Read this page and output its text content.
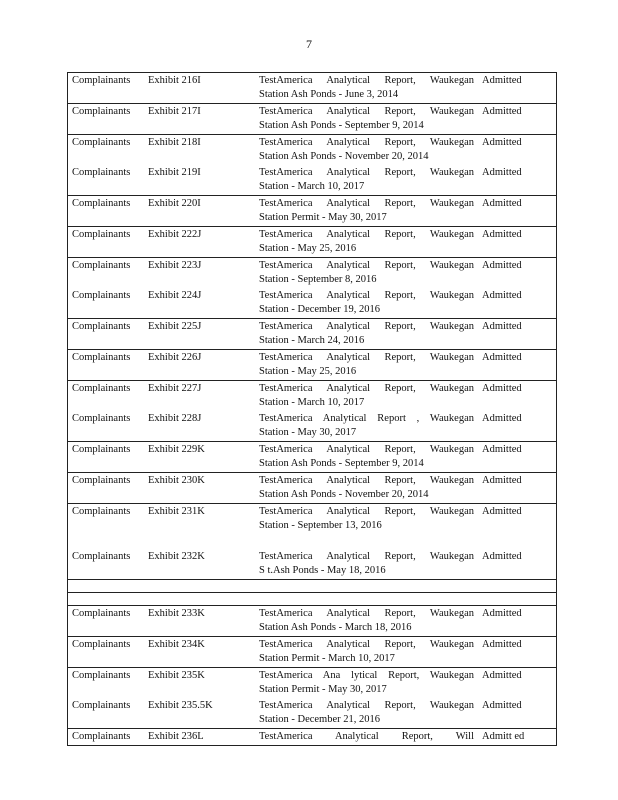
7
Complainants	Exhibit 216I	TestAmerica Analytical Report, Waukegan
Station Ash Ponds - June 3, 2014	Admitted
Complainants	Exhibit 217I	TestAmerica Analytical Report, Waukegan
Station Ash Ponds - September 9, 2014	Admitted
Complainants	Exhibit 218I	TestAmerica Analytical Report, Waukegan
Station Ash Ponds - November 20, 2014	Admitted
Complainants	Exhibit 219I	TestAmerica Analytical Report, Waukegan
Station - March 10, 2017	Admitted
Complainants	Exhibit 220I	TestAmerica Analytical Report, Waukegan
Station Permit - May 30, 2017	Admitted
Complainants	Exhibit 222J	TestAmerica Analytical Report, Waukegan
Station - May 25, 2016	Admitted
Complainants	Exhibit 223J	TestAmerica Analytical Report, Waukegan
Station - September 8, 2016	Admitted
Complainants	Exhibit 224J	TestAmerica Analytical Report, Waukegan
Station - December 19, 2016	Admitted
Complainants	Exhibit 225J	TestAmerica Analytical Report, Waukegan
Station - March 24, 2016	Admitted
Complainants	Exhibit 226J	TestAmerica Analytical Report, Waukegan
Station - May 25, 2016	Admitted
Complainants	Exhibit 227J	TestAmerica Analytical Report, Waukegan
Station - March 10, 2017	Admitted
Complainants	Exhibit 228J	TestAmerica Analytical Report , Waukegan
Station - May 30, 2017	Admitted
Complainants	Exhibit 229K	TestAmerica Analytical Report, Waukegan
Station Ash Ponds - September 9, 2014	Admitted
Complainants	Exhibit 230K	TestAmerica Analytical Report, Waukegan
Station Ash Ponds - November 20, 2014	Admitted
Complainants	Exhibit 231K	TestAmerica Analytical Report, Waukegan
Station - September 13, 2016	Admitted
Complainants	Exhibit 232K	TestAmerica Analytical Report, Waukegan
S t.Ash Ponds - May 18, 2016	Admitted

Complainants	Exhibit 233K	TestAmerica Analytical Report, Waukegan
Station Ash Ponds - March 18, 2016	Admitted
Complainants	Exhibit 234K	TestAmerica Analytical Report, Waukegan
Station Permit - March 10, 2017	Admitted
Complainants	Exhibit 235K	TestAmerica Ana lytical Report, Waukegan
Station Permit - May 30, 2017	Admitted
Complainants	Exhibit 235.5K	TestAmerica Analytical Report, Waukegan
Station - December 21, 2016	Admitted
Complainants	Exhibit 236L	TestAmerica Analytical Report, Will	Admitt ed
